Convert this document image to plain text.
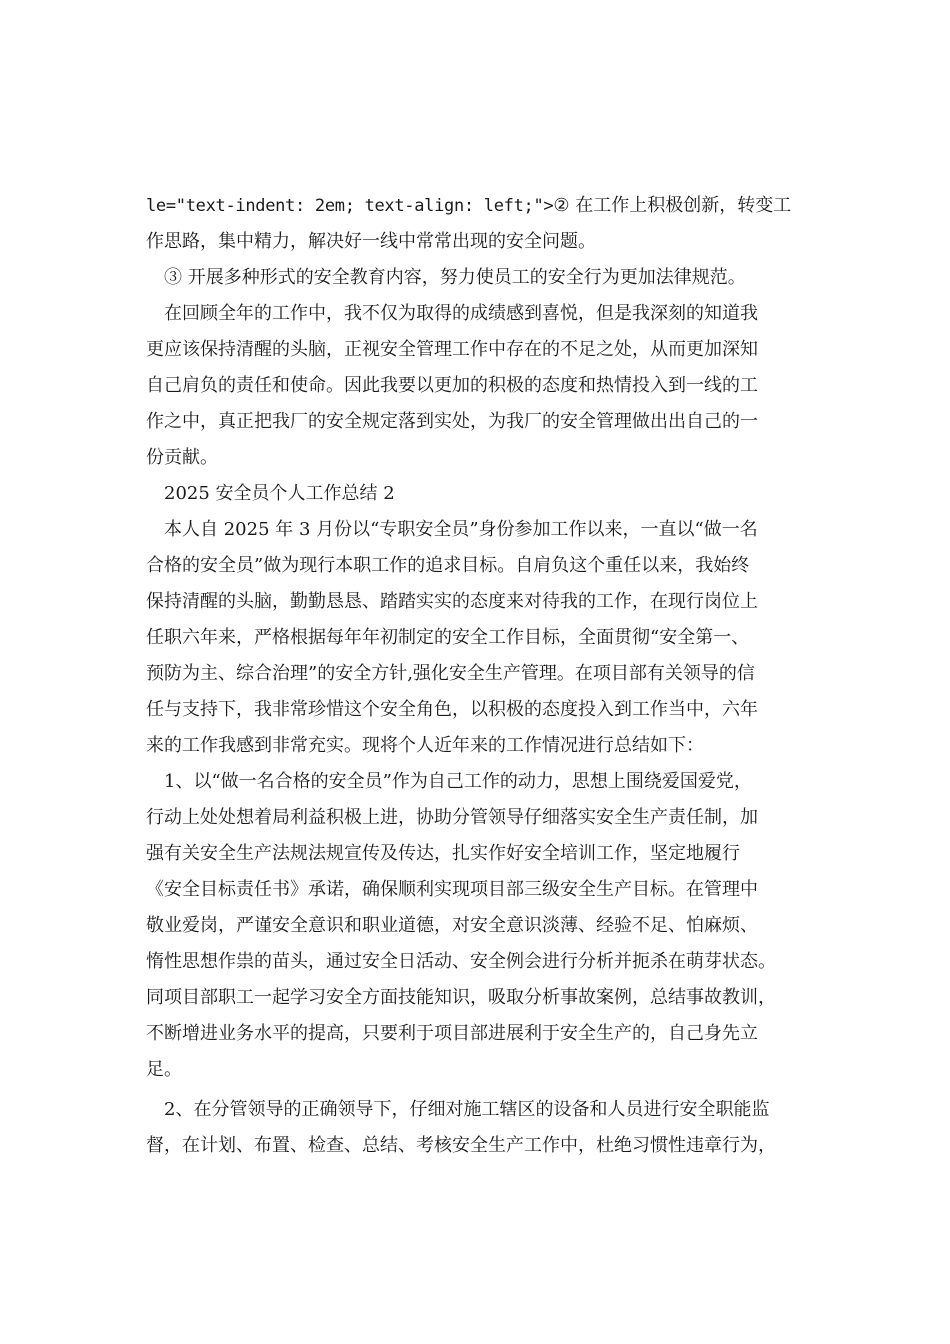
le="text-indent: 2em; text-align: left;">② 在工作上积极创新，转变工
作思路，集中精力，解决好一线中常常出现的安全问题。
③ 开展多种形式的安全教育内容，努力使员工的安全行为更加法律规范。
在回顾全年的工作中，我不仅为取得的成绩感到喜悦，但是我深刻的知道我
更应该保持清醒的头脑，正视安全管理工作中存在的不足之处，从而更加深知
自己肩负的责任和使命。因此我要以更加的积极的态度和热情投入到一线的工
作之中，真正把我厂的安全规定落到实处，为我厂的安全管理做出出自己的一
份贡献。
2025 安全员个人工作总结 2
本人自 2025 年 3 月份以“专职安全员”身份参加工作以来，一直以“做一名
合格的安全员”做为现行本职工作的追求目标。自肩负这个重任以来，我始终
保持清醒的头脑，勤勤恳恳、踏踏实实的态度来对待我的工作，在现行岗位上
任职六年来，严格根据每年年初制定的安全工作目标，全面贯彻“安全第一、
预防为主、综合治理”的安全方针,强化安全生产管理。在项目部有关领导的信
任与支持下，我非常珍惜这个安全角色，以积极的态度投入到工作当中，六年
来的工作我感到非常充实。现将个人近年来的工作情况进行总结如下：
1、以“做一名合格的安全员”作为自己工作的动力，思想上围绕爱国爱党，
行动上处处想着局利益积极上进，协助分管领导仔细落实安全生产责任制，加
强有关安全生产法规法规宣传及传达，扎实作好安全培训工作，坚定地履行
《安全目标责任书》承诺，确保顺利实现项目部三级安全生产目标。在管理中
敬业爱岗，严谨安全意识和职业道德，对安全意识淡薄、经验不足、怕麻烦、
惰性思想作祟的苗头，通过安全日活动、安全例会进行分析并扼杀在萌芽状态。
同项目部职工一起学习安全方面技能知识，吸取分析事故案例，总结事故教训，
不断增进业务水平的提高，只要利于项目部进展利于安全生产的，自己身先立
足。
2、在分管领导的正确领导下，仔细对施工辖区的设备和人员进行安全职能监
督，在计划、布置、检查、总结、考核安全生产工作中，杜绝习惯性违章行为，
